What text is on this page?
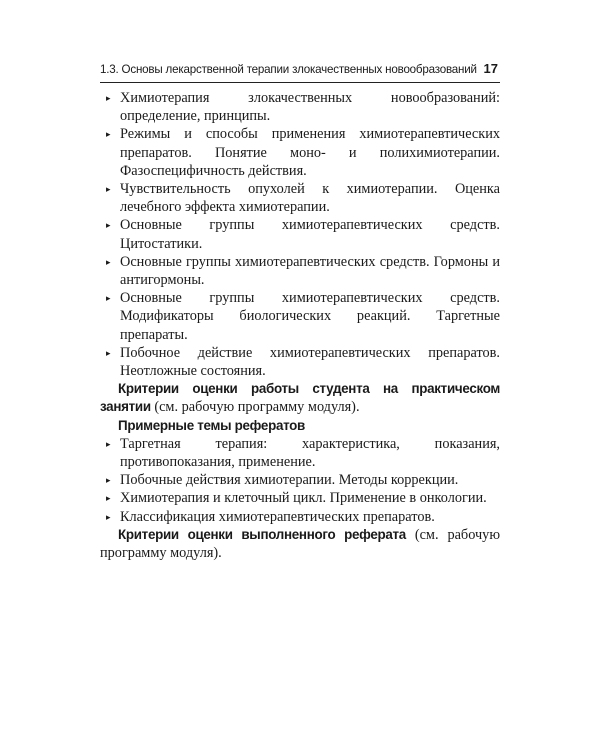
1.3. Основы лекарственной терапии злокачественных новообразований 17
▸ Химиотерапия злокачественных новообразований: определение, принципы.
▸ Режимы и способы применения химиотерапевтических препаратов. Понятие моно- и полихимиотерапии. Фазоспецифичность действия.
▸ Чувствительность опухолей к химиотерапии. Оценка лечебного эффекта химиотерапии.
▸ Основные группы химиотерапевтических средств. Цитостатики.
▸ Основные группы химиотерапевтических средств. Гормоны и антигормоны.
▸ Основные группы химиотерапевтических средств. Модификаторы биологических реакций. Таргетные препараты.
▸ Побочное действие химиотерапевтических препаратов. Неотложные состояния.

Критерии оценки работы студента на практическом занятии (см. рабочую программу модуля).

Примерные темы рефератов

▸ Таргетная терапия: характеристика, показания, противопоказания, применение.
▸ Побочные действия химиотерапии. Методы коррекции.
▸ Химиотерапия и клеточный цикл. Применение в онкологии.
▸ Классификация химиотерапевтических препаратов.

Критерии оценки выполненного реферата (см. рабочую программу модуля).
